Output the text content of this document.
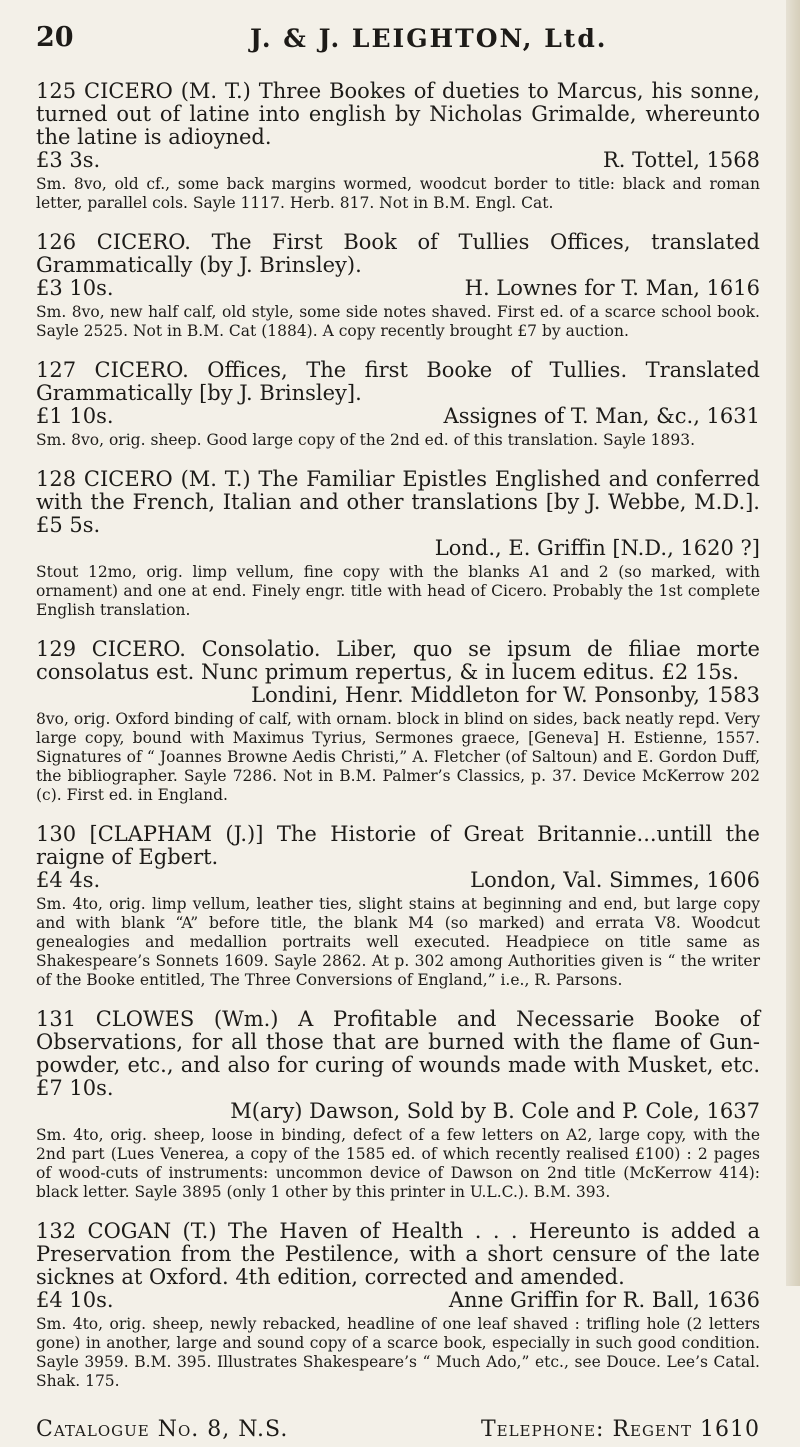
20	J. & J. LEIGHTON, Ltd.
125 CICERO (M. T.) Three Bookes of dueties to Marcus, his sonne, turned out of latine into english by Nicholas Grimalde, whereunto the latine is adioyned.
£3 3s.	R. Tottel, 1568
Sm. 8vo, old cf., some back margins wormed, woodcut border to title: black and roman letter, parallel cols. Sayle 1117. Herb. 817. Not in B.M. Engl. Cat.
126 CICERO. The First Book of Tullies Offices, translated Grammatically (by J. Brinsley).
£3 10s.	H. Lownes for T. Man, 1616
Sm. 8vo, new half calf, old style, some side notes shaved. First ed. of a scarce school book. Sayle 2525. Not in B.M. Cat (1884). A copy recently brought £7 by auction.
127 CICERO. Offices, The first Booke of Tullies. Translated Grammatically [by J. Brinsley].
£1 10s.	Assignes of T. Man, &c., 1631
Sm. 8vo, orig. sheep. Good large copy of the 2nd ed. of this translation. Sayle 1893.
128 CICERO (M. T.) The Familiar Epistles Englished and conferred with the French, Italian and other translations [by J. Webbe, M.D.]. £5 5s.
Lond., E. Griffin [N.D., 1620 ?]
Stout 12mo, orig. limp vellum, fine copy with the blanks A1 and 2 (so marked, with ornament) and one at end. Finely engr. title with head of Cicero. Probably the 1st complete English translation.
129 CICERO. Consolatio. Liber, quo se ipsum de filiae morte consolatus est. Nunc primum repertus, & in lucem editus. £2 15s.
Londini, Henr. Middleton for W. Ponsonby, 1583
8vo, orig. Oxford binding of calf, with ornam. block in blind on sides, back neatly repd. Very large copy, bound with Maximus Tyrius, Sermones graece, [Geneva] H. Estienne, 1557. Signatures of “ Joannes Browne Aedis Christi,” A. Fletcher (of Saltoun) and E. Gordon Duff, the bibliographer. Sayle 7286. Not in B.M. Palmer’s Classics, p. 37. Device McKerrow 202 (c). First ed. in England.
130 [CLAPHAM (J.)] The Historie of Great Britannie...untill the raigne of Egbert.
£4 4s.	London, Val. Simmes, 1606
Sm. 4to, orig. limp vellum, leather ties, slight stains at beginning and end, but large copy and with blank “A” before title, the blank M4 (so marked) and errata V8. Woodcut genealogies and medallion portraits well executed. Headpiece on title same as Shakespeare’s Sonnets 1609. Sayle 2862. At p. 302 among Authorities given is “ the writer of the Booke entitled, The Three Conversions of England,” i.e., R. Parsons.
131 CLOWES (Wm.) A Profitable and Necessarie Booke of Observations, for all those that are burned with the flame of Gun-powder, etc., and also for curing of wounds made with Musket, etc. £7 10s.
M(ary) Dawson, Sold by B. Cole and P. Cole, 1637
Sm. 4to, orig. sheep, loose in binding, defect of a few letters on A2, large copy, with the 2nd part (Lues Venerea, a copy of the 1585 ed. of which recently realised £100) : 2 pages of wood-cuts of instruments: uncommon device of Dawson on 2nd title (McKerrow 414): black letter. Sayle 3895 (only 1 other by this printer in U.L.C.). B.M. 393.
132 COGAN (T.) The Haven of Health . . . Hereunto is added a Preservation from the Pestilence, with a short censure of the late sicknes at Oxford. 4th edition, corrected and amended.
£4 10s.	Anne Griffin for R. Ball, 1636
Sm. 4to, orig. sheep, newly rebacked, headline of one leaf shaved : trifling hole (2 letters gone) in another, large and sound copy of a scarce book, especially in such good condition. Sayle 3959. B.M. 395. Illustrates Shakespeare’s “ Much Ado,” etc., see Douce. Lee’s Catal. Shak. 175.
Catalogue No. 8, N.S.	Telephone: Regent 1610
